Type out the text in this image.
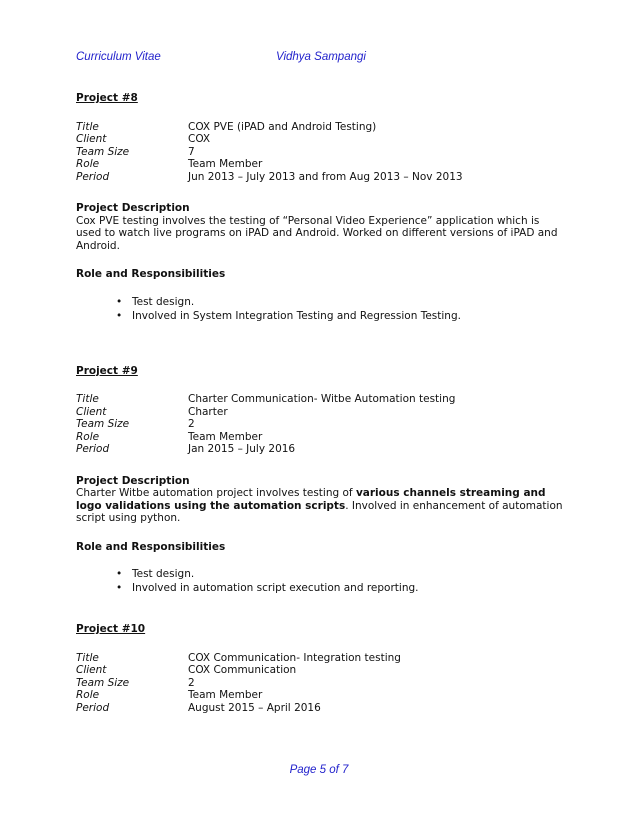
Curriculum Vitae	Vidhya Sampangi

Project #8

Title	COX PVE (iPAD and Android Testing)
Client	COX
Team Size	7
Role	Team Member
Period	Jun 2013 – July 2013 and from Aug 2013 – Nov 2013

Project Description

Cox PVE testing involves the testing of “Personal Video Experience” application which is used to watch live programs on iPAD and Android. Worked on different versions of iPAD and Android.

Role and Responsibilities

• Test design.
• Involved in System Integration Testing and Regression Testing.

Project #9

Title	Charter Communication- Witbe Automation testing
Client	Charter
Team Size	2
Role	Team Member
Period	Jan 2015 – July 2016

Project Description

Charter Witbe automation project involves testing of various channels streaming and logo validations using the automation scripts. Involved in enhancement of automation script using python.

Role and Responsibilities

• Test design.
• Involved in automation script execution and reporting.

Project #10

Title	COX Communication- Integration testing
Client	COX Communication
Team Size	2
Role	Team Member
Period	August 2015 – April 2016
Page 5 of 7
